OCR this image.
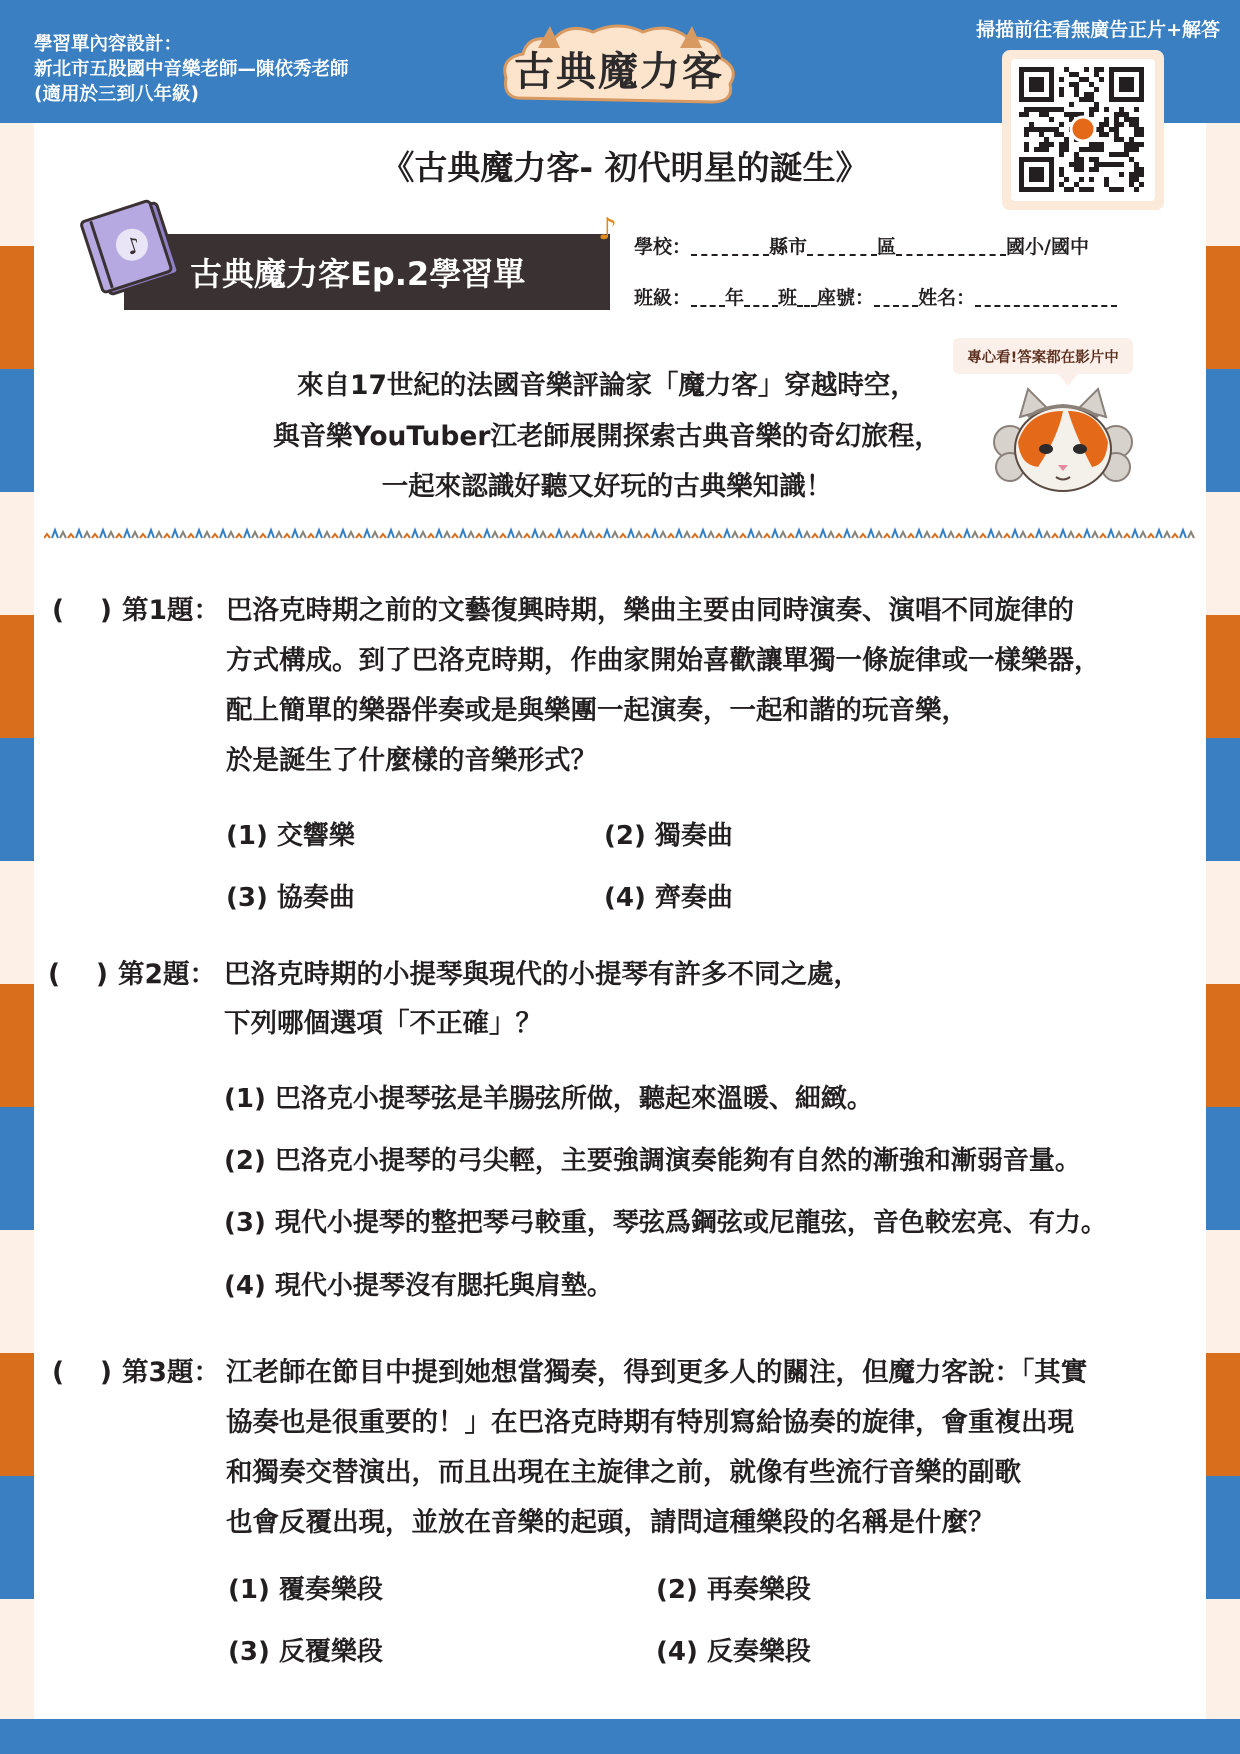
學習單內容設計：
新北市五股國中音樂老師—陳依秀老師
(適用於三到八年級)	古典魔力客
掃描前往看無廣告正片+解答
《古典魔力客- 初代明星的誕生》
♪
古典魔力客Ep.2學習單
♪ 學校：	縣市	區	國小/國中
班級： 年 班 座號： 姓名：
來自17世紀的法國音樂評論家「魔力客」穿越時空，
與音樂YouTuber江老師展開探索古典音樂的奇幻旅程，
一起來認識好聽又好玩的古典樂知識！
專心看!答案都在影片中
(　 ) 第1題： 巴洛克時期之前的文藝復興時期，樂曲主要由同時演奏、演唱不同旋律的
方式構成。到了巴洛克時期，作曲家開始喜歡讓單獨一條旋律或一樣樂器，
配上簡單的樂器伴奏或是與樂團一起演奏，一起和諧的玩音樂，
於是誕生了什麼樣的音樂形式？
(1) 交響樂	(2) 獨奏曲
(3) 協奏曲	(4) 齊奏曲
(　 ) 第2題： 巴洛克時期的小提琴與現代的小提琴有許多不同之處，
下列哪個選項「不正確」？
(1) 巴洛克小提琴弦是羊腸弦所做，聽起來溫暖、細緻。
(2) 巴洛克小提琴的弓尖輕，主要強調演奏能夠有自然的漸強和漸弱音量。
(3) 現代小提琴的整把琴弓較重，琴弦爲鋼弦或尼龍弦，音色較宏亮、有力。
(4) 現代小提琴沒有腮托與肩墊。
(　 ) 第3題： 江老師在節目中提到她想當獨奏，得到更多人的關注，但魔力客說：「其實
協奏也是很重要的！」在巴洛克時期有特別寫給協奏的旋律，會重複出現
和獨奏交替演出，而且出現在主旋律之前，就像有些流行音樂的副歌
也會反覆出現，並放在音樂的起頭，請問這種樂段的名稱是什麼？
(1) 覆奏樂段	(2) 再奏樂段
(3) 反覆樂段	(4) 反奏樂段
